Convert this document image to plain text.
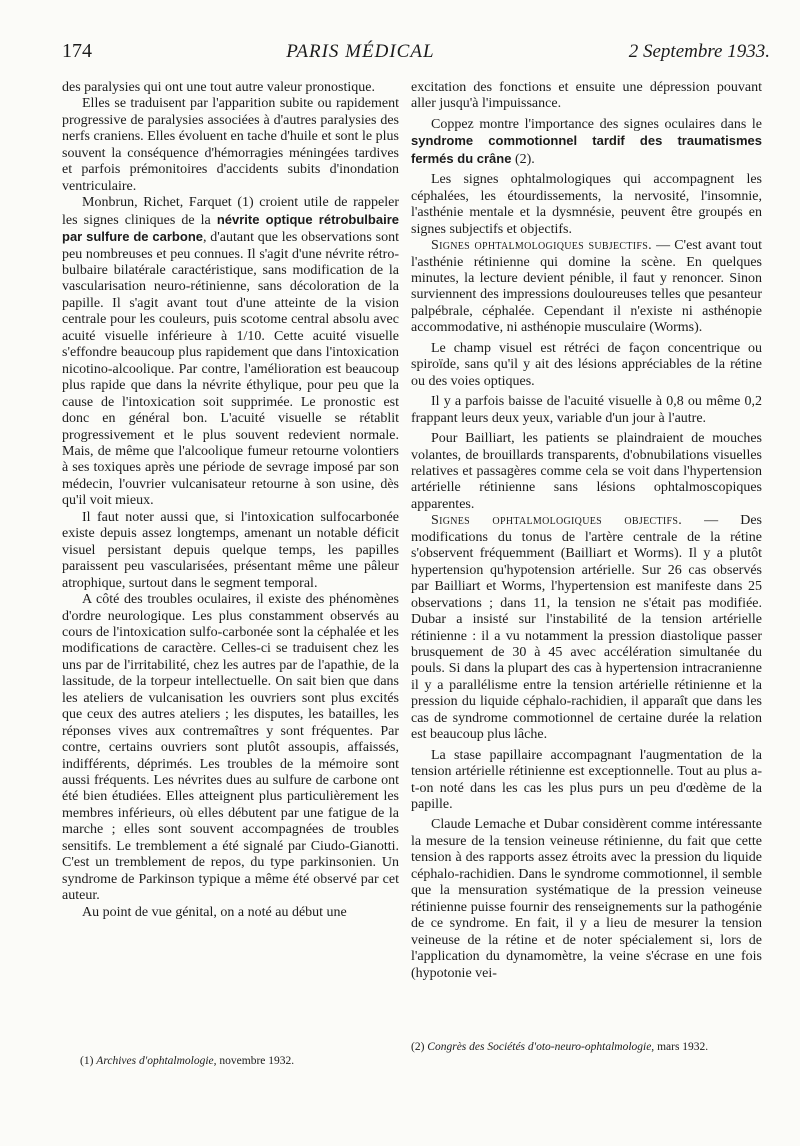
174	PARIS MÉDICAL	2 Septembre 1933.

des paralysies qui ont une tout autre valeur pronostique.

Elles se traduisent par l'apparition subite ou rapidement progressive de paralysies associées à d'autres paralysies des nerfs craniens. Elles évoluent en tache d'huile et sont le plus souvent la conséquence d'hémorragies méningées tardives et parfois prémonitoires d'accidents subits d'inondation ventriculaire.

Monbrun, Richet, Farquet (1) croient utile de rappeler les signes cliniques de la névrite optique rétrobulbaire par sulfure de carbone, d'autant que les observations sont peu nombreuses et peu connues. Il s'agit d'une névrite rétro-bulbaire bilatérale caractéristique, sans modification de la vascularisation neuro-rétinienne, sans décoloration de la papille. Il s'agit avant tout d'une atteinte de la vision centrale pour les couleurs, puis scotome central absolu avec acuité visuelle inférieure à 1/10. Cette acuité visuelle s'effondre beaucoup plus rapidement que dans l'intoxication nicotino-alcoolique. Par contre, l'amélioration est beaucoup plus rapide que dans la névrite éthylique, pour peu que la cause de l'intoxication soit supprimée. Le pronostic est donc en général bon. L'acuité visuelle se rétablit progressivement et le plus souvent redevient normale. Mais, de même que l'alcoolique fumeur retourne volontiers à ses toxiques après une période de sevrage imposé par son médecin, l'ouvrier vulcanisateur retourne à son usine, dès qu'il voit mieux.

Il faut noter aussi que, si l'intoxication sulfocarbonée existe depuis assez longtemps, amenant un notable déficit visuel persistant depuis quelque temps, les papilles paraissent peu vascularisées, présentant même une pâleur atrophique, surtout dans le segment temporal.

A côté des troubles oculaires, il existe des phénomènes d'ordre neurologique. Les plus constamment observés au cours de l'intoxication sulfo-carbonée sont la céphalée et les modifications de caractère. Celles-ci se traduisent chez les uns par de l'irritabilité, chez les autres par de l'apathie, de la lassitude, de la torpeur intellectuelle. On sait bien que dans les ateliers de vulcanisation les ouvriers sont plus excités que ceux des autres ateliers ; les disputes, les batailles, les réponses vives aux contremaîtres y sont fréquentes. Par contre, certains ouvriers sont plutôt assoupis, affaissés, indifférents, déprimés. Les troubles de la mémoire sont aussi fréquents. Les névrites dues au sulfure de carbone ont été bien étudiées. Elles atteignent plus particulièrement les membres inférieurs, où elles débutent par une fatigue de la marche ; elles sont souvent accompagnées de troubles sensitifs. Le tremblement a été signalé par Ciudo-Gianotti. C'est un tremblement de repos, du type parkinsonien. Un syndrome de Parkinson typique a même été observé par cet auteur.

Au point de vue génital, on a noté au début une

excitation des fonctions et ensuite une dépression pouvant aller jusqu'à l'impuissance.

Coppez montre l'importance des signes oculaires dans le syndrome commotionnel tardif des traumatismes fermés du crâne (2).

Les signes ophtalmologiques qui accompagnent les céphalées, les étourdissements, la nervosité, l'insomnie, l'asthénie mentale et la dysmnésie, peuvent être groupés en signes subjectifs et objectifs.

Signes ophtalmologiques subjectifs. — C'est avant tout l'asthénie rétinienne qui domine la scène. En quelques minutes, la lecture devient pénible, il faut y renoncer. Sinon surviennent des impressions douloureuses telles que pesanteur palpébrale, céphalée. Cependant il n'existe ni asthénopie accommodative, ni asthénopie musculaire (Worms).

Le champ visuel est rétréci de façon concentrique ou spiroïde, sans qu'il y ait des lésions appréciables de la rétine ou des voies optiques.

Il y a parfois baisse de l'acuité visuelle à 0,8 ou même 0,2 frappant leurs deux yeux, variable d'un jour à l'autre.

Pour Bailliart, les patients se plaindraient de mouches volantes, de brouillards transparents, d'obnubilations visuelles relatives et passagères comme cela se voit dans l'hypertension artérielle rétinienne sans lésions ophtalmoscopiques apparentes.

Signes ophtalmologiques objectifs. — Des modifications du tonus de l'artère centrale de la rétine s'observent fréquemment (Bailliart et Worms). Il y a plutôt hypertension qu'hypotension artérielle. Sur 26 cas observés par Bailliart et Worms, l'hypertension est manifeste dans 25 observations ; dans 11, la tension ne s'était pas modifiée. Dubar a insisté sur l'instabilité de la tension artérielle rétinienne : il a vu notamment la pression diastolique passer brusquement de 30 à 45 avec accélération simultanée du pouls. Si dans la plupart des cas à hypertension intracranienne il y a parallélisme entre la tension artérielle rétinienne et la pression du liquide céphalo-rachidien, il apparaît que dans les cas de syndrome commotionnel de certaine durée la relation est beaucoup plus lâche.

La stase papillaire accompagnant l'augmentation de la tension artérielle rétinienne est exceptionnelle. Tout au plus a-t-on noté dans les cas les plus purs un peu d'œdème de la papille.

Claude Lemache et Dubar considèrent comme intéressante la mesure de la tension veineuse rétinienne, du fait que cette tension à des rapports assez étroits avec la pression du liquide céphalo-rachidien. Dans le syndrome commotionnel, il semble que la mensuration systématique de la pression veineuse rétinienne puisse fournir des renseignements sur la pathogénie de ce syndrome. En fait, il y a lieu de mesurer la tension veineuse de la rétine et de noter spécialement si, lors de l'application du dynamomètre, la veine s'écrase en une fois (hypotonie vei-

(1) Archives d'ophtalmologie, novembre 1932.
(2) Congrès des Sociétés d'oto-neuro-ophtalmologie, mars 1932.
